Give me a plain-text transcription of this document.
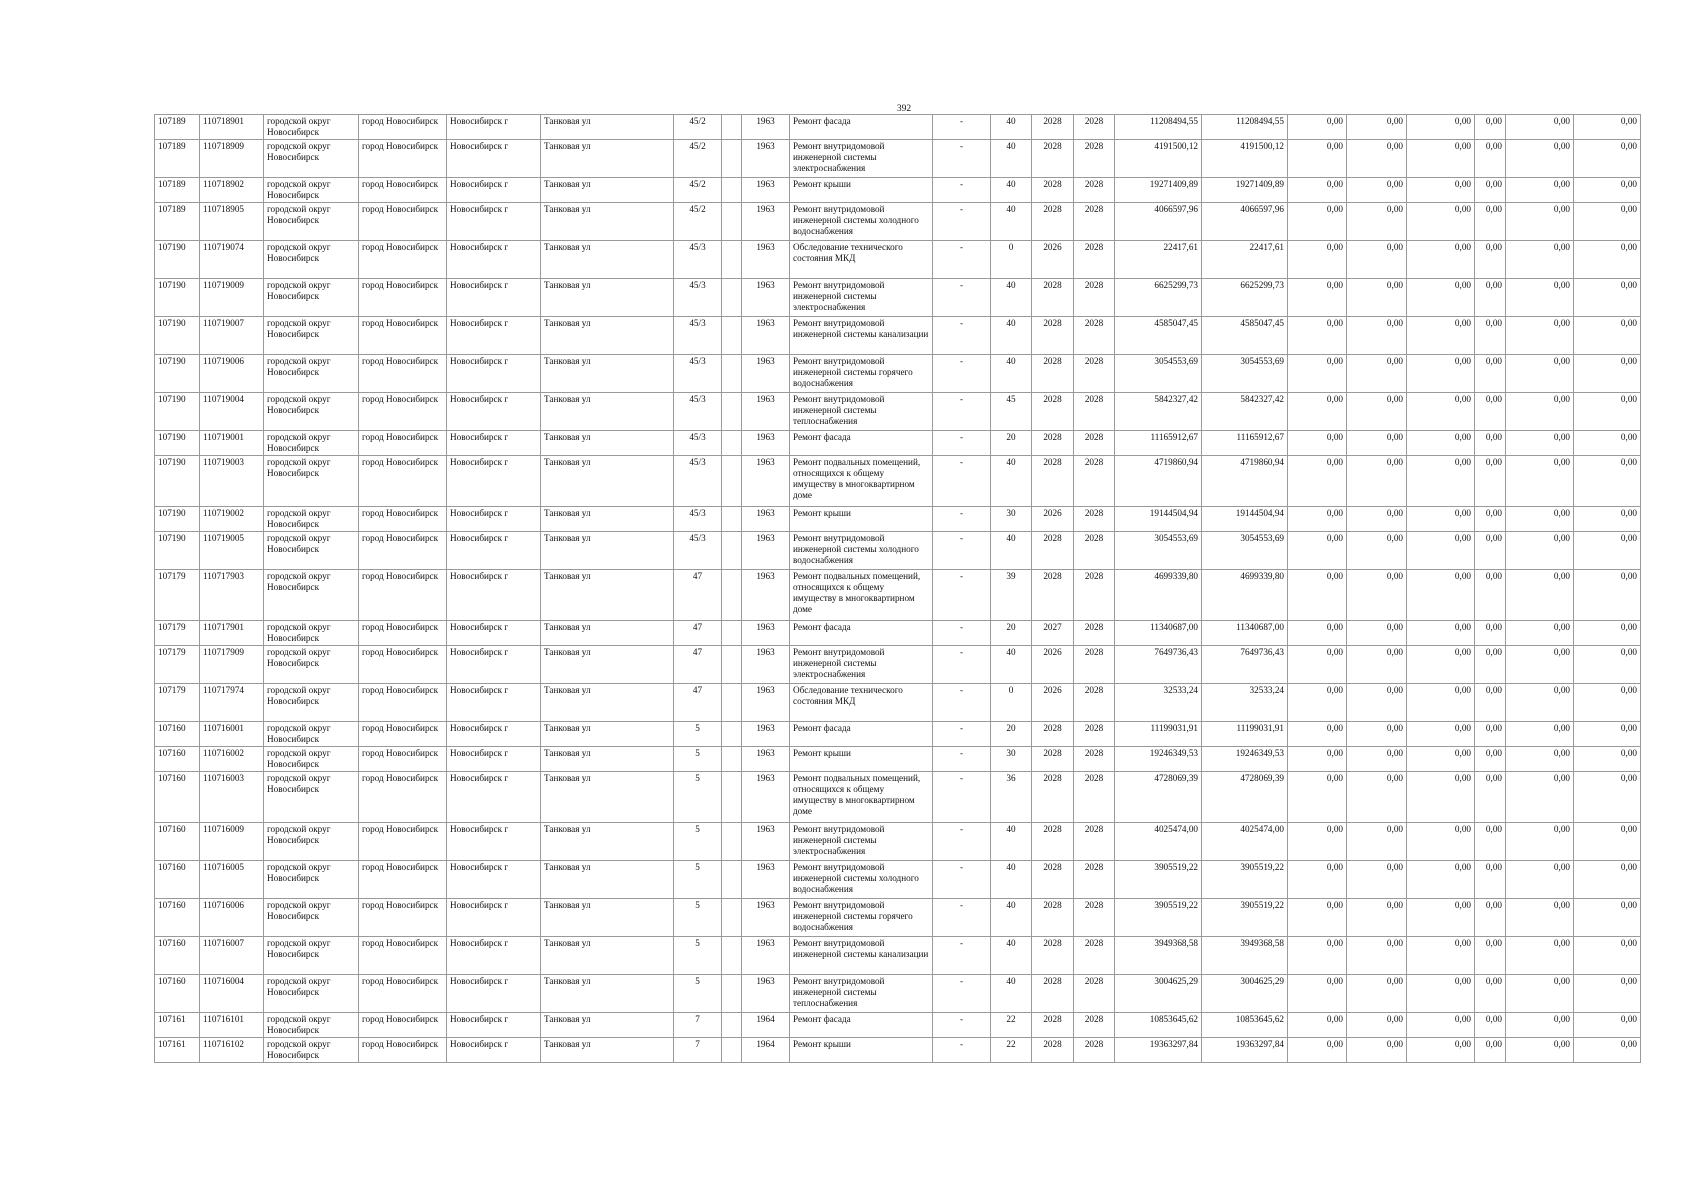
392
107189	110718901	городской округ Новосибирск	город Новосибирск	Новосибирск г	Танковая ул	45/2		1963	Ремонт фасада	-	40	2028	2028	11208494,55	11208494,55	0,00	0,00	0,00	0,00	0,00	0,00
107189	110718909	городской округ Новосибирск	город Новосибирск	Новосибирск г	Танковая ул	45/2		1963	Ремонт внутридомовой инженерной системы электроснабжения	-	40	2028	2028	4191500,12	4191500,12	0,00	0,00	0,00	0,00	0,00	0,00
107189	110718902	городской округ Новосибирск	город Новосибирск	Новосибирск г	Танковая ул	45/2		1963	Ремонт крыши	-	40	2028	2028	19271409,89	19271409,89	0,00	0,00	0,00	0,00	0,00	0,00
107189	110718905	городской округ Новосибирск	город Новосибирск	Новосибирск г	Танковая ул	45/2		1963	Ремонт внутридомовой инженерной системы холодного водоснабжения	-	40	2028	2028	4066597,96	4066597,96	0,00	0,00	0,00	0,00	0,00	0,00
107190	110719074	городской округ Новосибирск	город Новосибирск	Новосибирск г	Танковая ул	45/3		1963	Обследование технического состояния МКД	-	0	2026	2028	22417,61	22417,61	0,00	0,00	0,00	0,00	0,00	0,00
107190	110719009	городской округ Новосибирск	город Новосибирск	Новосибирск г	Танковая ул	45/3		1963	Ремонт внутридомовой инженерной системы электроснабжения	-	40	2028	2028	6625299,73	6625299,73	0,00	0,00	0,00	0,00	0,00	0,00
107190	110719007	городской округ Новосибирск	город Новосибирск	Новосибирск г	Танковая ул	45/3		1963	Ремонт внутридомовой инженерной системы канализации	-	40	2028	2028	4585047,45	4585047,45	0,00	0,00	0,00	0,00	0,00	0,00
107190	110719006	городской округ Новосибирск	город Новосибирск	Новосибирск г	Танковая ул	45/3		1963	Ремонт внутридомовой инженерной системы горячего водоснабжения	-	40	2028	2028	3054553,69	3054553,69	0,00	0,00	0,00	0,00	0,00	0,00
107190	110719004	городской округ Новосибирск	город Новосибирск	Новосибирск г	Танковая ул	45/3		1963	Ремонт внутридомовой инженерной системы теплоснабжения	-	45	2028	2028	5842327,42	5842327,42	0,00	0,00	0,00	0,00	0,00	0,00
107190	110719001	городской округ Новосибирск	город Новосибирск	Новосибирск г	Танковая ул	45/3		1963	Ремонт фасада	-	20	2028	2028	11165912,67	11165912,67	0,00	0,00	0,00	0,00	0,00	0,00
107190	110719003	городской округ Новосибирск	город Новосибирск	Новосибирск г	Танковая ул	45/3		1963	Ремонт подвальных помещений, относящихся к общему имуществу в многоквартирном доме	-	40	2028	2028	4719860,94	4719860,94	0,00	0,00	0,00	0,00	0,00	0,00
107190	110719002	городской округ Новосибирск	город Новосибирск	Новосибирск г	Танковая ул	45/3		1963	Ремонт крыши	-	30	2026	2028	19144504,94	19144504,94	0,00	0,00	0,00	0,00	0,00	0,00
107190	110719005	городской округ Новосибирск	город Новосибирск	Новосибирск г	Танковая ул	45/3		1963	Ремонт внутридомовой инженерной системы холодного водоснабжения	-	40	2028	2028	3054553,69	3054553,69	0,00	0,00	0,00	0,00	0,00	0,00
107179	110717903	городской округ Новосибирск	город Новосибирск	Новосибирск г	Танковая ул	47		1963	Ремонт подвальных помещений, относящихся к общему имуществу в многоквартирном доме	-	39	2028	2028	4699339,80	4699339,80	0,00	0,00	0,00	0,00	0,00	0,00
107179	110717901	городской округ Новосибирск	город Новосибирск	Новосибирск г	Танковая ул	47		1963	Ремонт фасада	-	20	2027	2028	11340687,00	11340687,00	0,00	0,00	0,00	0,00	0,00	0,00
107179	110717909	городской округ Новосибирск	город Новосибирск	Новосибирск г	Танковая ул	47		1963	Ремонт внутридомовой инженерной системы электроснабжения	-	40	2026	2028	7649736,43	7649736,43	0,00	0,00	0,00	0,00	0,00	0,00
107179	110717974	городской округ Новосибирск	город Новосибирск	Новосибирск г	Танковая ул	47		1963	Обследование технического состояния МКД	-	0	2026	2028	32533,24	32533,24	0,00	0,00	0,00	0,00	0,00	0,00
107160	110716001	городской округ Новосибирск	город Новосибирск	Новосибирск г	Танковая ул	5		1963	Ремонт фасада	-	20	2028	2028	11199031,91	11199031,91	0,00	0,00	0,00	0,00	0,00	0,00
107160	110716002	городской округ Новосибирск	город Новосибирск	Новосибирск г	Танковая ул	5		1963	Ремонт крыши	-	30	2028	2028	19246349,53	19246349,53	0,00	0,00	0,00	0,00	0,00	0,00
107160	110716003	городской округ Новосибирск	город Новосибирск	Новосибирск г	Танковая ул	5		1963	Ремонт подвальных помещений, относящихся к общему имуществу в многоквартирном доме	-	36	2028	2028	4728069,39	4728069,39	0,00	0,00	0,00	0,00	0,00	0,00
107160	110716009	городской округ Новосибирск	город Новосибирск	Новосибирск г	Танковая ул	5		1963	Ремонт внутридомовой инженерной системы электроснабжения	-	40	2028	2028	4025474,00	4025474,00	0,00	0,00	0,00	0,00	0,00	0,00
107160	110716005	городской округ Новосибирск	город Новосибирск	Новосибирск г	Танковая ул	5		1963	Ремонт внутридомовой инженерной системы холодного водоснабжения	-	40	2028	2028	3905519,22	3905519,22	0,00	0,00	0,00	0,00	0,00	0,00
107160	110716006	городской округ Новосибирск	город Новосибирск	Новосибирск г	Танковая ул	5		1963	Ремонт внутридомовой инженерной системы горячего водоснабжения	-	40	2028	2028	3905519,22	3905519,22	0,00	0,00	0,00	0,00	0,00	0,00
107160	110716007	городской округ Новосибирск	город Новосибирск	Новосибирск г	Танковая ул	5		1963	Ремонт внутридомовой инженерной системы канализации	-	40	2028	2028	3949368,58	3949368,58	0,00	0,00	0,00	0,00	0,00	0,00
107160	110716004	городской округ Новосибирск	город Новосибирск	Новосибирск г	Танковая ул	5		1963	Ремонт внутридомовой инженерной системы теплоснабжения	-	40	2028	2028	3004625,29	3004625,29	0,00	0,00	0,00	0,00	0,00	0,00
107161	110716101	городской округ Новосибирск	город Новосибирск	Новосибирск г	Танковая ул	7		1964	Ремонт фасада	-	22	2028	2028	10853645,62	10853645,62	0,00	0,00	0,00	0,00	0,00	0,00
107161	110716102	городской округ Новосибирск	город Новосибирск	Новосибирск г	Танковая ул	7		1964	Ремонт крыши	-	22	2028	2028	19363297,84	19363297,84	0,00	0,00	0,00	0,00	0,00	0,00
